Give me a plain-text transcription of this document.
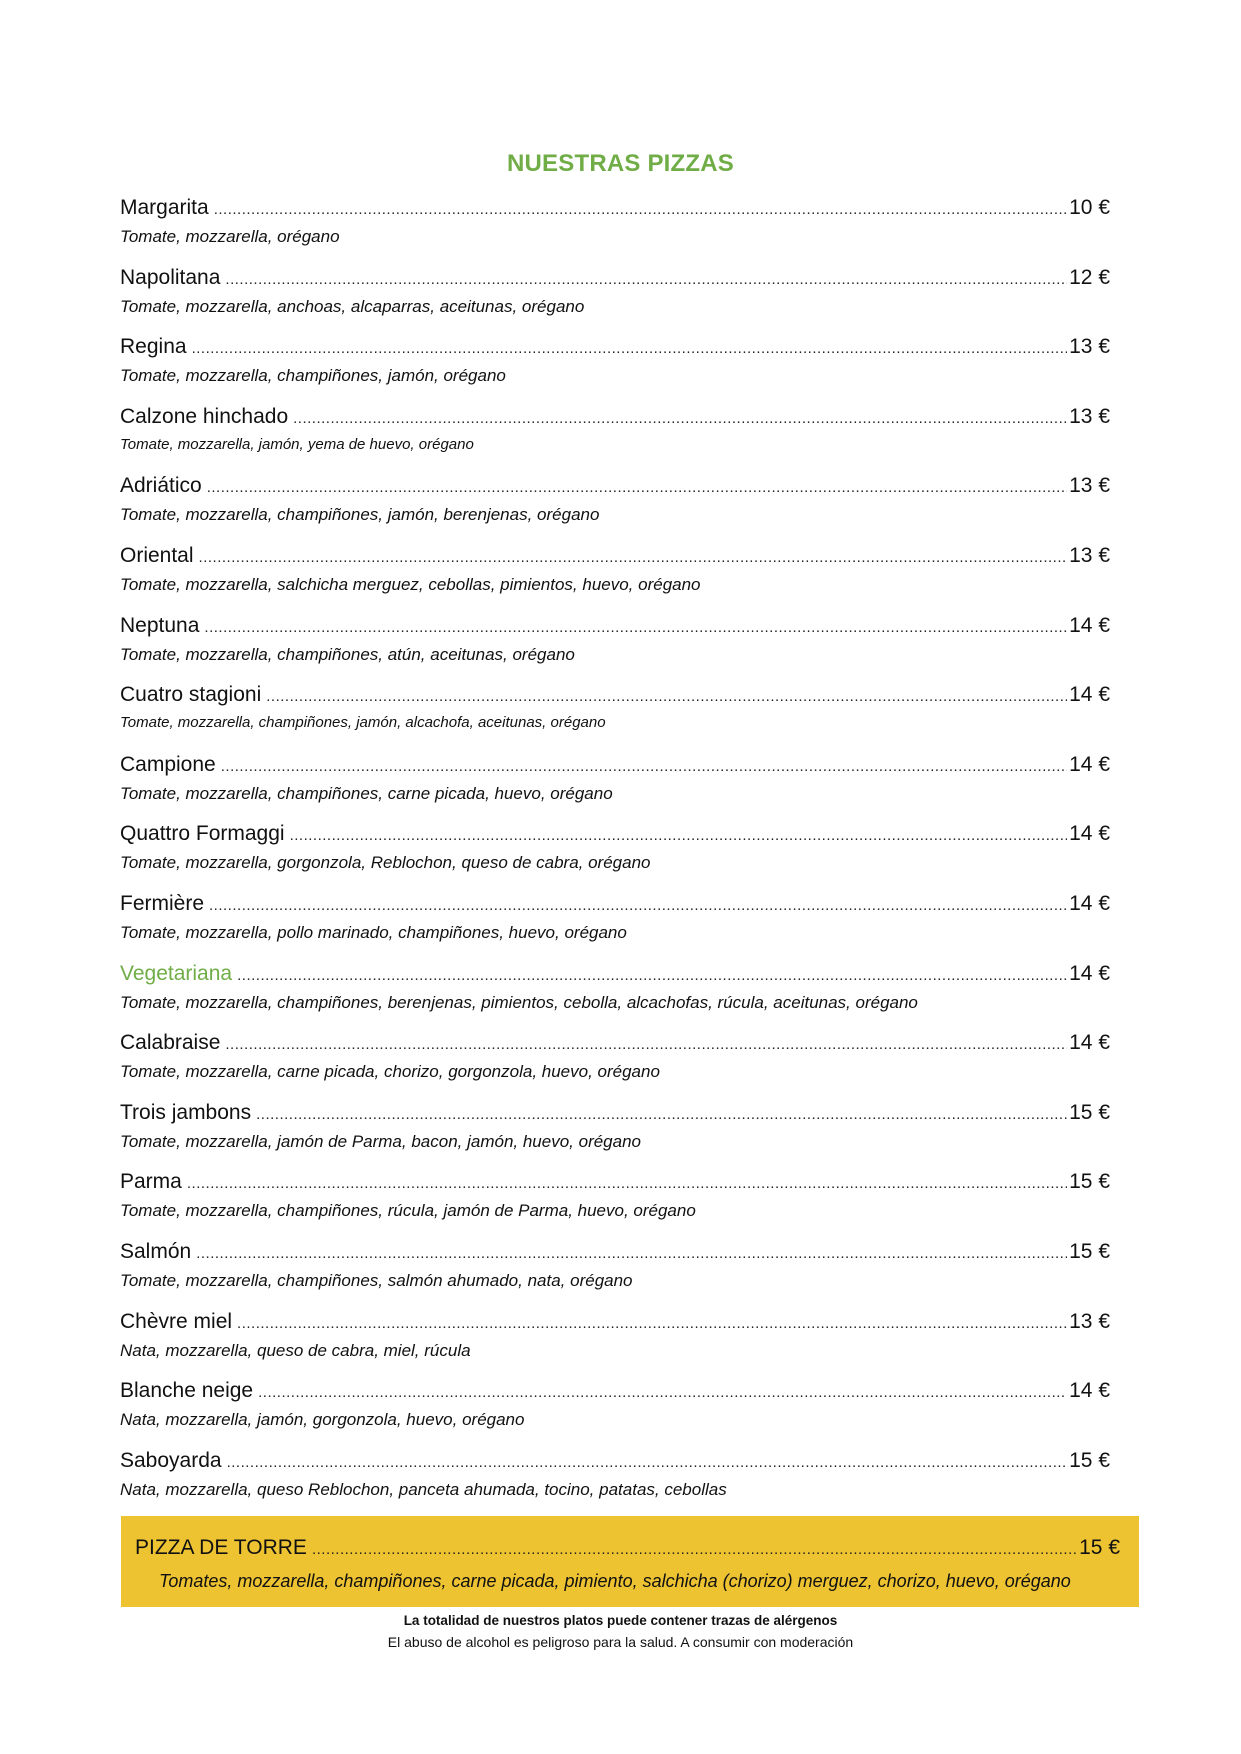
NUESTRAS PIZZAS
Margarita .....	10 €
Tomate, mozzarella, orégano
Napolitana .....	12 €
Tomate, mozzarella, anchoas, alcaparras, aceitunas, orégano
Regina .....	13 €
Tomate, mozzarella, champiñones, jamón, orégano
Calzone hinchado .....	13 €
Tomate, mozzarella, jamón, yema de huevo, orégano
Adriático .....	13 €
Tomate, mozzarella, champiñones, jamón, berenjenas, orégano
Oriental .....	13 €
Tomate, mozzarella, salchicha merguez, cebollas, pimientos, huevo, orégano
Neptuna .....	14 €
Tomate, mozzarella, champiñones, atún, aceitunas, orégano
Cuatro stagioni .....	14 €
Tomate, mozzarella, champiñones, jamón, alcachofa, aceitunas, orégano
Campione .....	14 €
Tomate, mozzarella, champiñones, carne picada, huevo, orégano
Quattro Formaggi .....	14 €
Tomate, mozzarella, gorgonzola, Reblochon, queso de cabra, orégano
Fermière .....	14 €
Tomate, mozzarella, pollo marinado, champiñones, huevo, orégano
Vegetariana .....	14 €
Tomate, mozzarella, champiñones, berenjenas, pimientos, cebolla, alcachofas, rúcula, aceitunas, orégano
Calabraise .....	14 €
Tomate, mozzarella, carne picada, chorizo, gorgonzola, huevo, orégano
Trois jambons .....	15 €
Tomate, mozzarella, jamón de Parma, bacon, jamón, huevo, orégano
Parma .....	15 €
Tomate, mozzarella, champiñones, rúcula, jamón de Parma, huevo, orégano
Salmón .....	15 €
Tomate, mozzarella, champiñones, salmón ahumado, nata, orégano
Chèvre miel .....	13 €
Nata, mozzarella, queso de cabra, miel, rúcula
Blanche neige .....	14 €
Nata, mozzarella, jamón, gorgonzola, huevo, orégano
Saboyarda .....	15 €
Nata, mozzarella, queso Reblochon, panceta ahumada, tocino, patatas, cebollas
PIZZA DE TORRE .....	15 €
Tomates, mozzarella, champiñones, carne picada, pimiento, salchicha (chorizo) merguez, chorizo, huevo, orégano
La totalidad de nuestros platos puede contener trazas de alérgenos
El abuso de alcohol es peligroso para la salud. A consumir con moderación
